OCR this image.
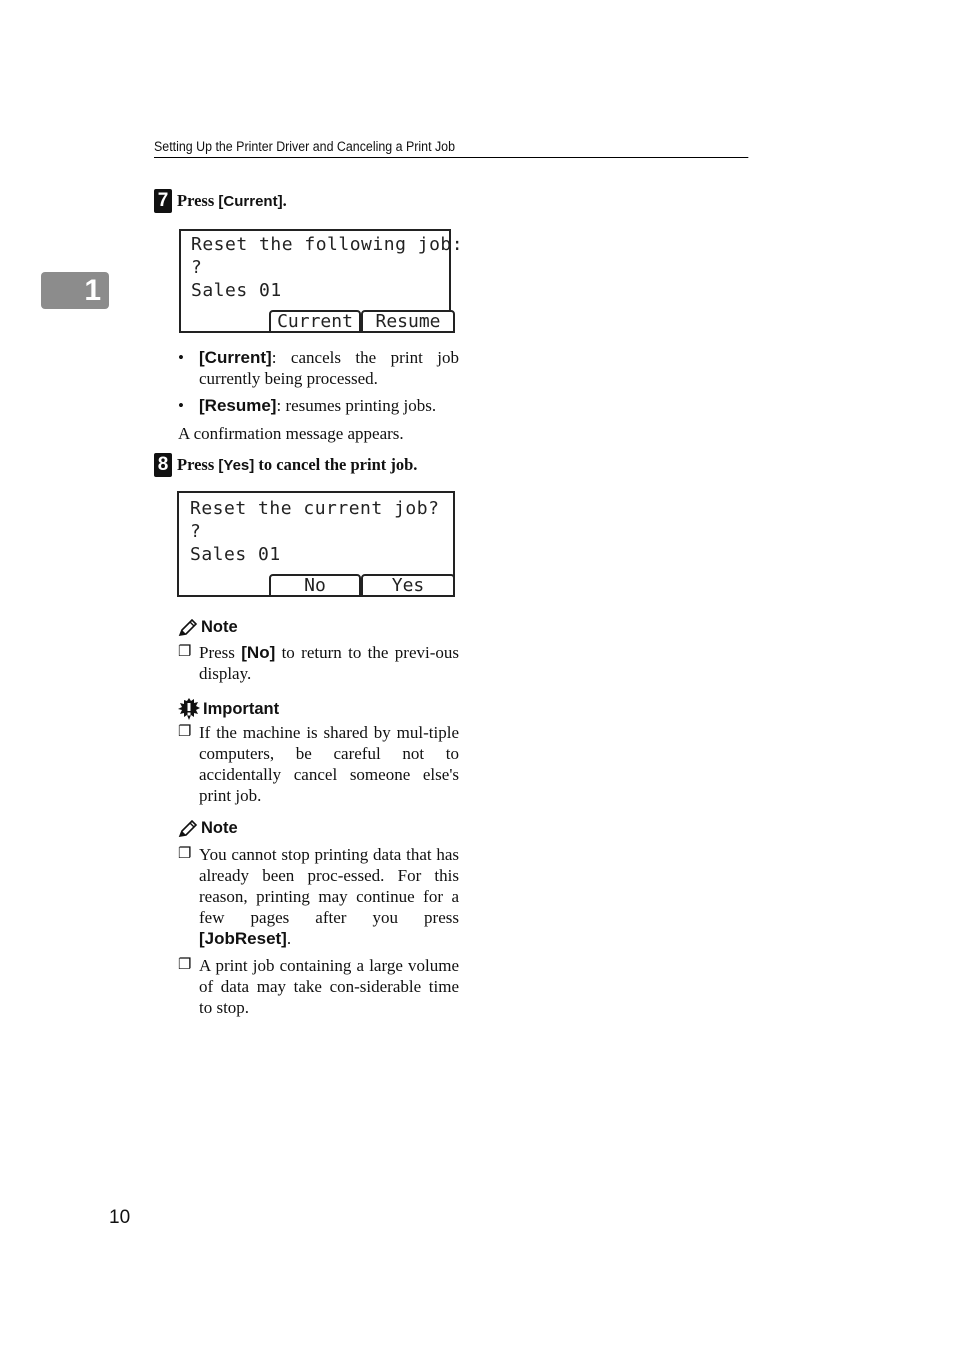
Setting Up the Printer Driver and Canceling a Print Job
1
7 Press [Current].
Reset the following job:
?
Sales 01
Current	Resume
• [Current]: cancels the print job currently being processed.
• [Resume]: resumes printing jobs.
A confirmation message appears.
8 Press [Yes] to cancel the print job.
Reset the current job?
?
Sales 01
No	Yes
Note
❐ Press [No] to return to the previ-ous display.
Important
❐ If the machine is shared by mul-tiple computers, be careful not to accidentally cancel someone else's print job.
Note
❐ You cannot stop printing data that has already been proc-essed. For this reason, printing may continue for a few pages after you press [JobReset].
❐ A print job containing a large volume of data may take con-siderable time to stop.
10
